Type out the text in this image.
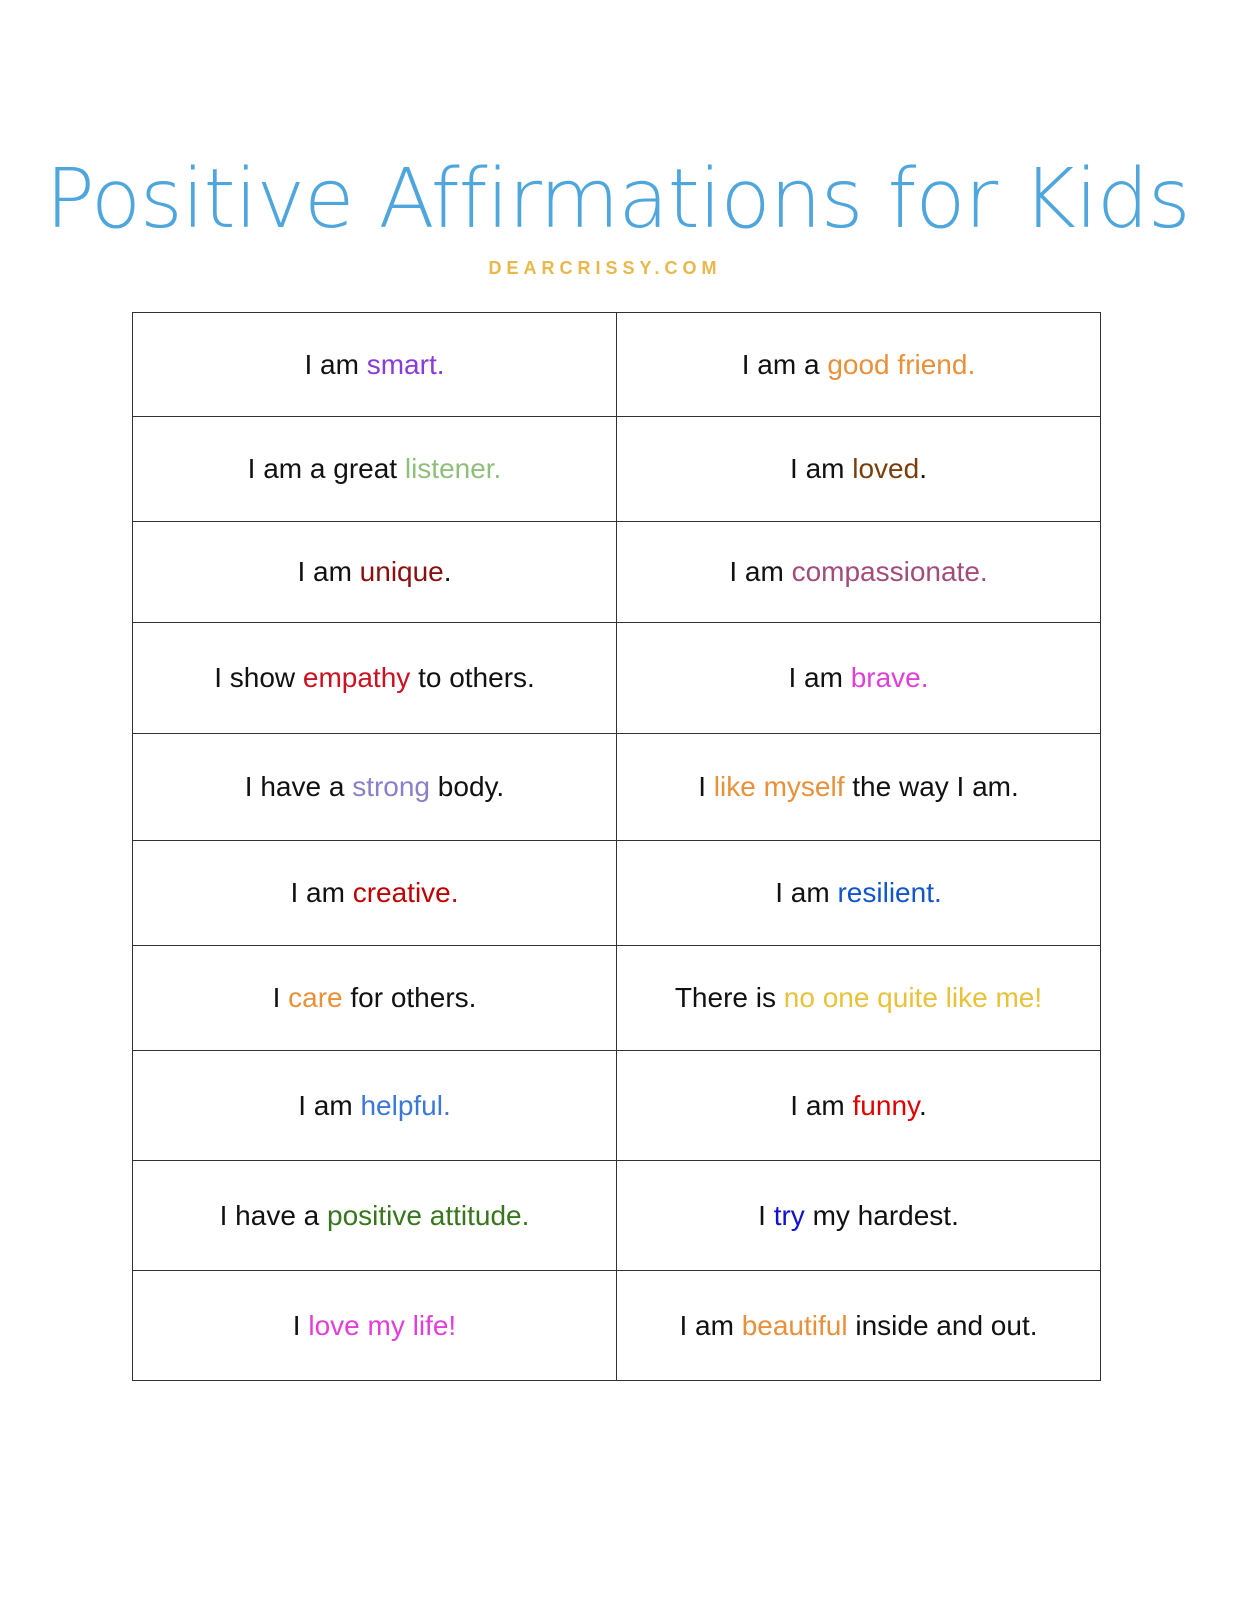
Positive Affirmations for Kids
DEARCRISSY.COM
I am smart.	I am a good friend.
I am a great listener.	I am loved.
I am unique.	I am compassionate.
I show empathy to others.	I am brave.
I have a strong body.	I like myself the way I am.
I am creative.	I am resilient.
I care for others.	There is no one quite like me!
I am helpful.	I am funny.
I have a positive attitude.	I try my hardest.
I love my life!	I am beautiful inside and out.
